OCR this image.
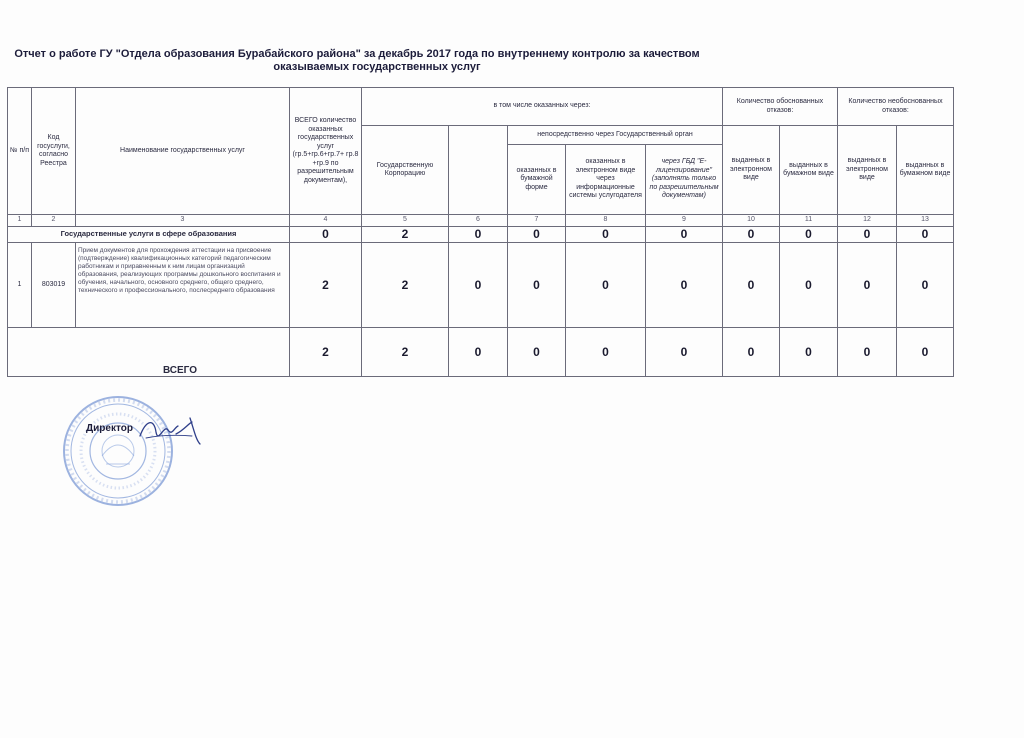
Отчет о работе ГУ "Отдела образования Бурабайского района" за декабрь 2017 года по внутреннему контролю за качеством
оказываемых государственных услуг
№ п/п	Код госуслуги, согласно Реестра	Наименование государственных услуг	ВСЕГО количество оказанных государственных услуг (гр.5+гр.6+гр.7+ гр.8 +гр.9 по разрешительным документам),	в том числе оказанных через:					Количество обоснованных отказов:		Количество необоснованных отказов:	
				Государственную Корпорацию		непосредственно через Государственный орган			выданных в электронном виде	выданных в бумажном виде	выданных в электронном виде	выданных в бумажном виде
						оказанных в бумажной форме	оказанных в электронном виде через информационные системы услугодателя	через ГБД "Е-лицензирование" (заполнять только по разрешительным документам)				
1	2	3	4	5	6	7	8	9	10	11	12	13
Государственные услуги в сфере образования			0	2	0	0	0	0	0	0	0	0
1	803019	Прием документов для прохождения аттестации на присвоение (подтверждение) квалификационных категорий педагогическим работникам и приравненным к ним лицам организаций образования, реализующих программы дошкольного воспитания и обучения, начального, основного среднего, общего среднего, технического и профессионального, послесреднего образования	2	2	0	0	0	0	0	0	0	0
ВСЕГО			2	2	0	0	0	0	0	0	0	0
Директор
